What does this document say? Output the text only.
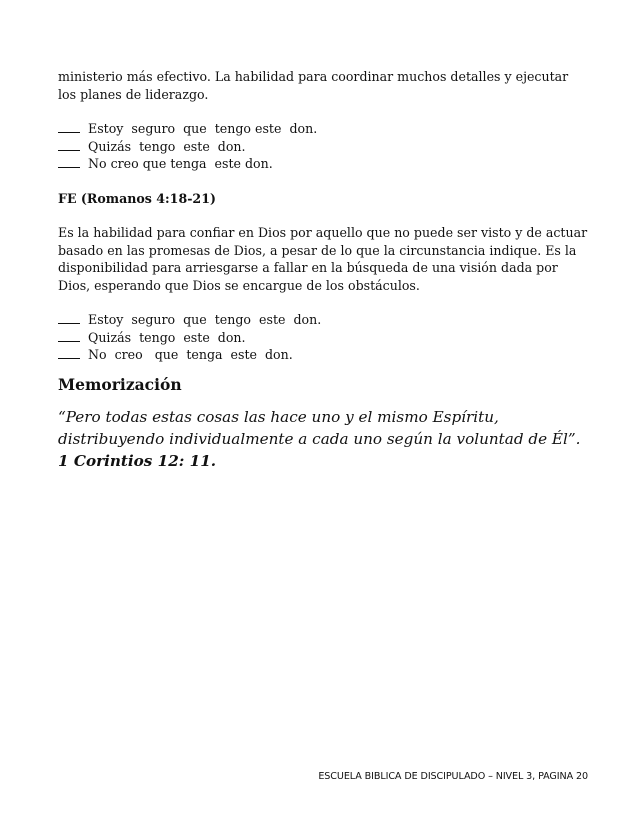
ministerio más efectivo. La habilidad para coordinar muchos detalles y ejecutar los planes de liderazgo.

Estoy  seguro  que  tengo este  don.

Quizás  tengo  este  don.

No creo que tenga  este don.

FE (Romanos 4:18-21)

Es la habilidad para confiar en Dios por aquello que no puede ser visto y de actuar basado en las promesas de Dios, a pesar de lo que la circunstancia indique. Es la disponibilidad para arriesgarse a fallar en la búsqueda de una visión dada por Dios, esperando que Dios se encargue de los obstáculos.

Estoy  seguro  que  tengo  este  don.

Quizás  tengo  este  don.

No  creo   que  tenga  este  don.

Memorización

“Pero todas estas cosas las hace uno y el mismo Espíritu, distribuyendo individualmente a cada uno según la voluntad de Él”. 1 Corintios 12: 11.

ESCUELA BIBLICA DE DISCIPULADO – NIVEL 3, PAGINA 20
